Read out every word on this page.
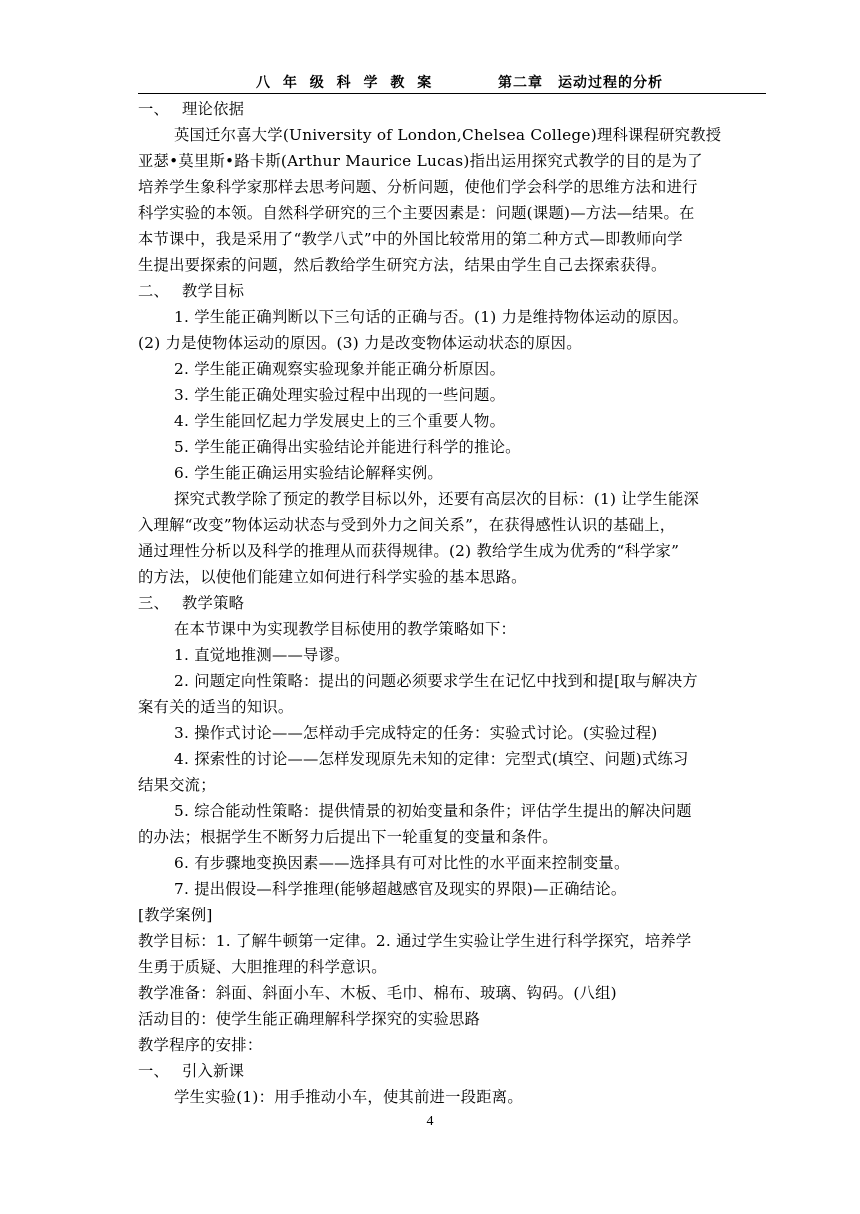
八 年 级 科 学 教 案	第二章　运动过程的分析
一、 理论依据
英国迁尔喜大学(University of London,Chelsea College)理科课程研究教授
亚瑟•莫里斯•路卡斯(Arthur Maurice Lucas)指出运用探究式教学的目的是为了
培养学生象科学家那样去思考问题、分析问题，使他们学会科学的思维方法和进行
科学实验的本领。自然科学研究的三个主要因素是：问题(课题)—方法—结果。在
本节课中，我是采用了“教学八式”中的外国比较常用的第二种方式—即教师向学
生提出要探索的问题，然后教给学生研究方法，结果由学生自己去探索获得。
二、 教学目标
1. 学生能正确判断以下三句话的正确与否。(1) 力是维持物体运动的原因。
(2) 力是使物体运动的原因。(3) 力是改变物体运动状态的原因。
2. 学生能正确观察实验现象并能正确分析原因。
3. 学生能正确处理实验过程中出现的一些问题。
4. 学生能回忆起力学发展史上的三个重要人物。
5. 学生能正确得出实验结论并能进行科学的推论。
6. 学生能正确运用实验结论解释实例。
探究式教学除了预定的教学目标以外，还要有高层次的目标：(1) 让学生能深
入理解“改变”物体运动状态与受到外力之间关系”，在获得感性认识的基础上，
通过理性分析以及科学的推理从而获得规律。(2) 教给学生成为优秀的“科学家”
的方法，以使他们能建立如何进行科学实验的基本思路。
三、 教学策略
在本节课中为实现教学目标使用的教学策略如下：
1. 直觉地推测——导谬。
2. 问题定向性策略：提出的问题必须要求学生在记忆中找到和提[取与解决方
案有关的适当的知识。
3. 操作式讨论——怎样动手完成特定的任务：实验式讨论。(实验过程)
4. 探索性的讨论——怎样发现原先未知的定律：完型式(填空、问题)式练习
结果交流；
5. 综合能动性策略：提供情景的初始变量和条件；评估学生提出的解决问题
的办法；根据学生不断努力后提出下一轮重复的变量和条件。
6. 有步骤地变换因素——选择具有可对比性的水平面来控制变量。
7. 提出假设—科学推理(能够超越感官及现实的界限)—正确结论。
[教学案例]
教学目标：1. 了解牛顿第一定律。2. 通过学生实验让学生进行科学探究，培养学
生勇于质疑、大胆推理的科学意识。
教学准备：斜面、斜面小车、木板、毛巾、棉布、玻璃、钩码。(八组)
活动目的：使学生能正确理解科学探究的实验思路
教学程序的安排：
一、 引入新课
学生实验(1)：用手推动小车，使其前进一段距离。
4
